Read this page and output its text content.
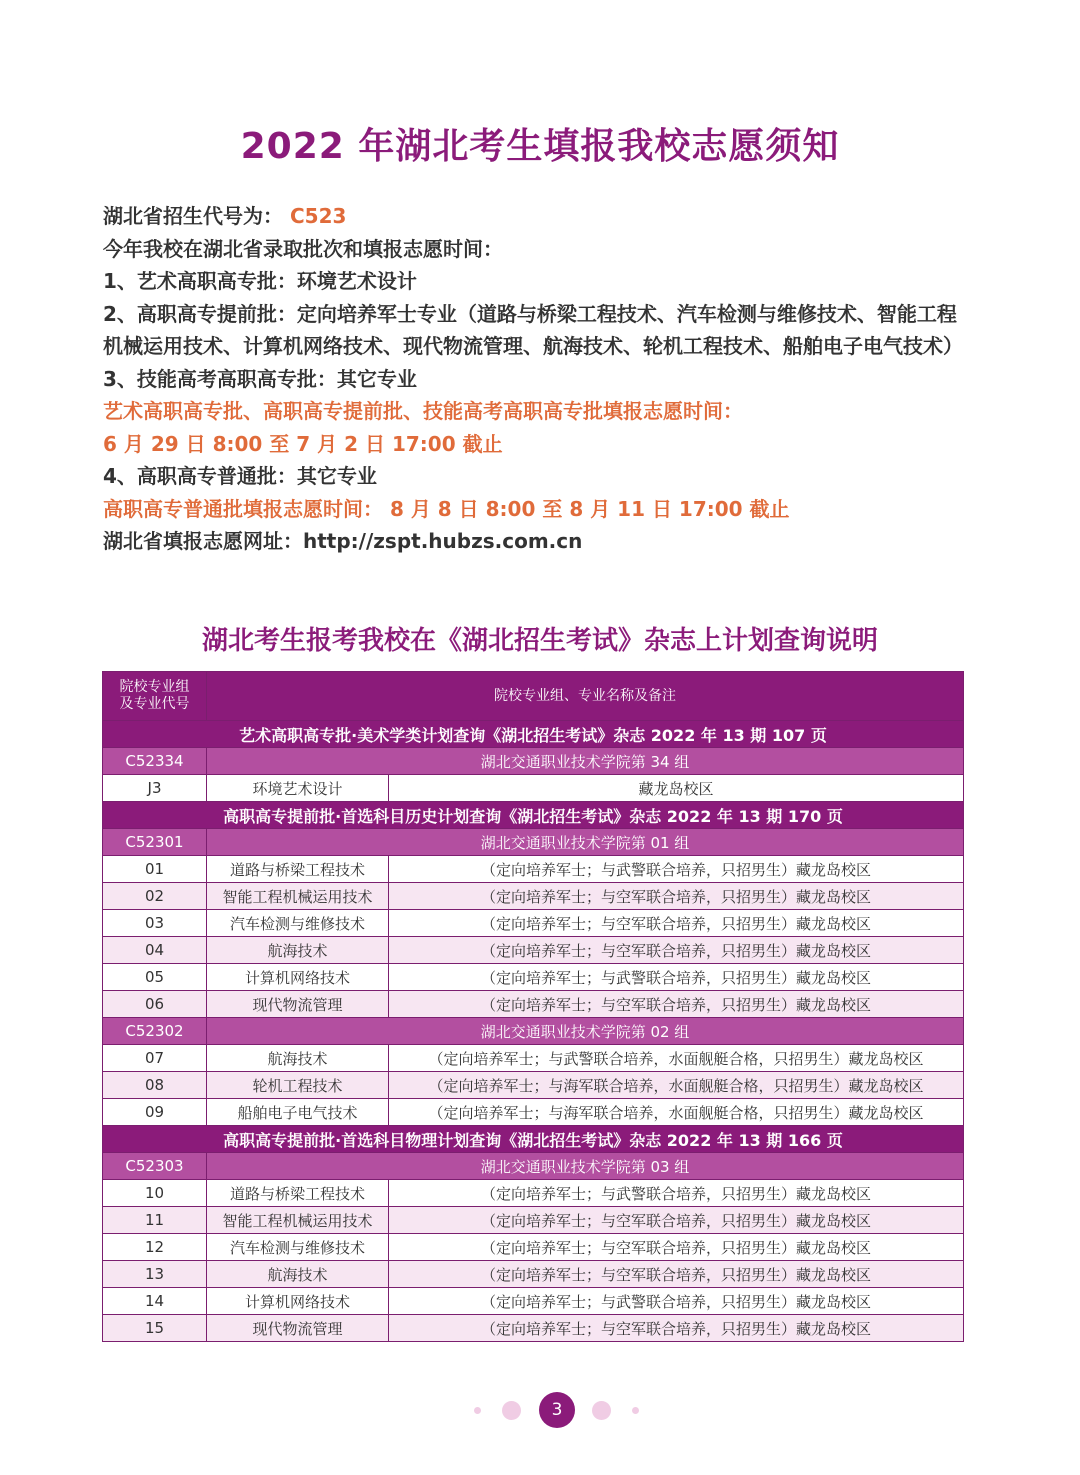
2022 年湖北考生填报我校志愿须知

湖北省招生代号为： C523

今年我校在湖北省录取批次和填报志愿时间：

1、艺术高职高专批：环境艺术设计

2、高职高专提前批：定向培养军士专业（道路与桥梁工程技术、汽车检测与维修技术、智能工程机械运用技术、计算机网络技术、现代物流管理、航海技术、轮机工程技术、船舶电子电气技术）

3、技能高考高职高专批：其它专业

艺术高职高专批、高职高专提前批、技能高考高职高专批填报志愿时间：

6 月 29 日 8:00 至 7 月 2 日 17:00 截止

4、高职高专普通批：其它专业

高职高专普通批填报志愿时间： 8 月 8 日 8:00 至 8 月 11 日 17:00 截止

湖北省填报志愿网址：http://zspt.hubzs.com.cn

湖北考生报考我校在《湖北招生考试》杂志上计划查询说明
院校专业组及专业代号	院校专业组、专业名称及备注	
艺术高职高专批·美术学类计划查询《湖北招生考试》杂志 2022 年 13 期 107 页		
C52334	湖北交通职业技术学院第 34 组	
J3	环境艺术设计	藏龙岛校区
高职高专提前批·首选科目历史计划查询《湖北招生考试》杂志 2022 年 13 期 170 页		
C52301	湖北交通职业技术学院第 01 组	
01	道路与桥梁工程技术	（定向培养军士；与武警联合培养，只招男生）藏龙岛校区
02	智能工程机械运用技术	（定向培养军士；与空军联合培养，只招男生）藏龙岛校区
03	汽车检测与维修技术	（定向培养军士；与空军联合培养，只招男生）藏龙岛校区
04	航海技术	（定向培养军士；与空军联合培养，只招男生）藏龙岛校区
05	计算机网络技术	（定向培养军士；与武警联合培养，只招男生）藏龙岛校区
06	现代物流管理	（定向培养军士；与空军联合培养，只招男生）藏龙岛校区
C52302	湖北交通职业技术学院第 02 组	
07	航海技术	（定向培养军士；与武警联合培养，水面舰艇合格，只招男生）藏龙岛校区
08	轮机工程技术	（定向培养军士；与海军联合培养，水面舰艇合格，只招男生）藏龙岛校区
09	船舶电子电气技术	（定向培养军士；与海军联合培养，水面舰艇合格，只招男生）藏龙岛校区
高职高专提前批·首选科目物理计划查询《湖北招生考试》杂志 2022 年 13 期 166 页		
C52303	湖北交通职业技术学院第 03 组	
10	道路与桥梁工程技术	（定向培养军士；与武警联合培养，只招男生）藏龙岛校区
11	智能工程机械运用技术	（定向培养军士；与空军联合培养，只招男生）藏龙岛校区
12	汽车检测与维修技术	（定向培养军士；与空军联合培养，只招男生）藏龙岛校区
13	航海技术	（定向培养军士；与空军联合培养，只招男生）藏龙岛校区
14	计算机网络技术	（定向培养军士；与武警联合培养，只招男生）藏龙岛校区
15	现代物流管理	（定向培养军士；与空军联合培养，只招男生）藏龙岛校区
3
